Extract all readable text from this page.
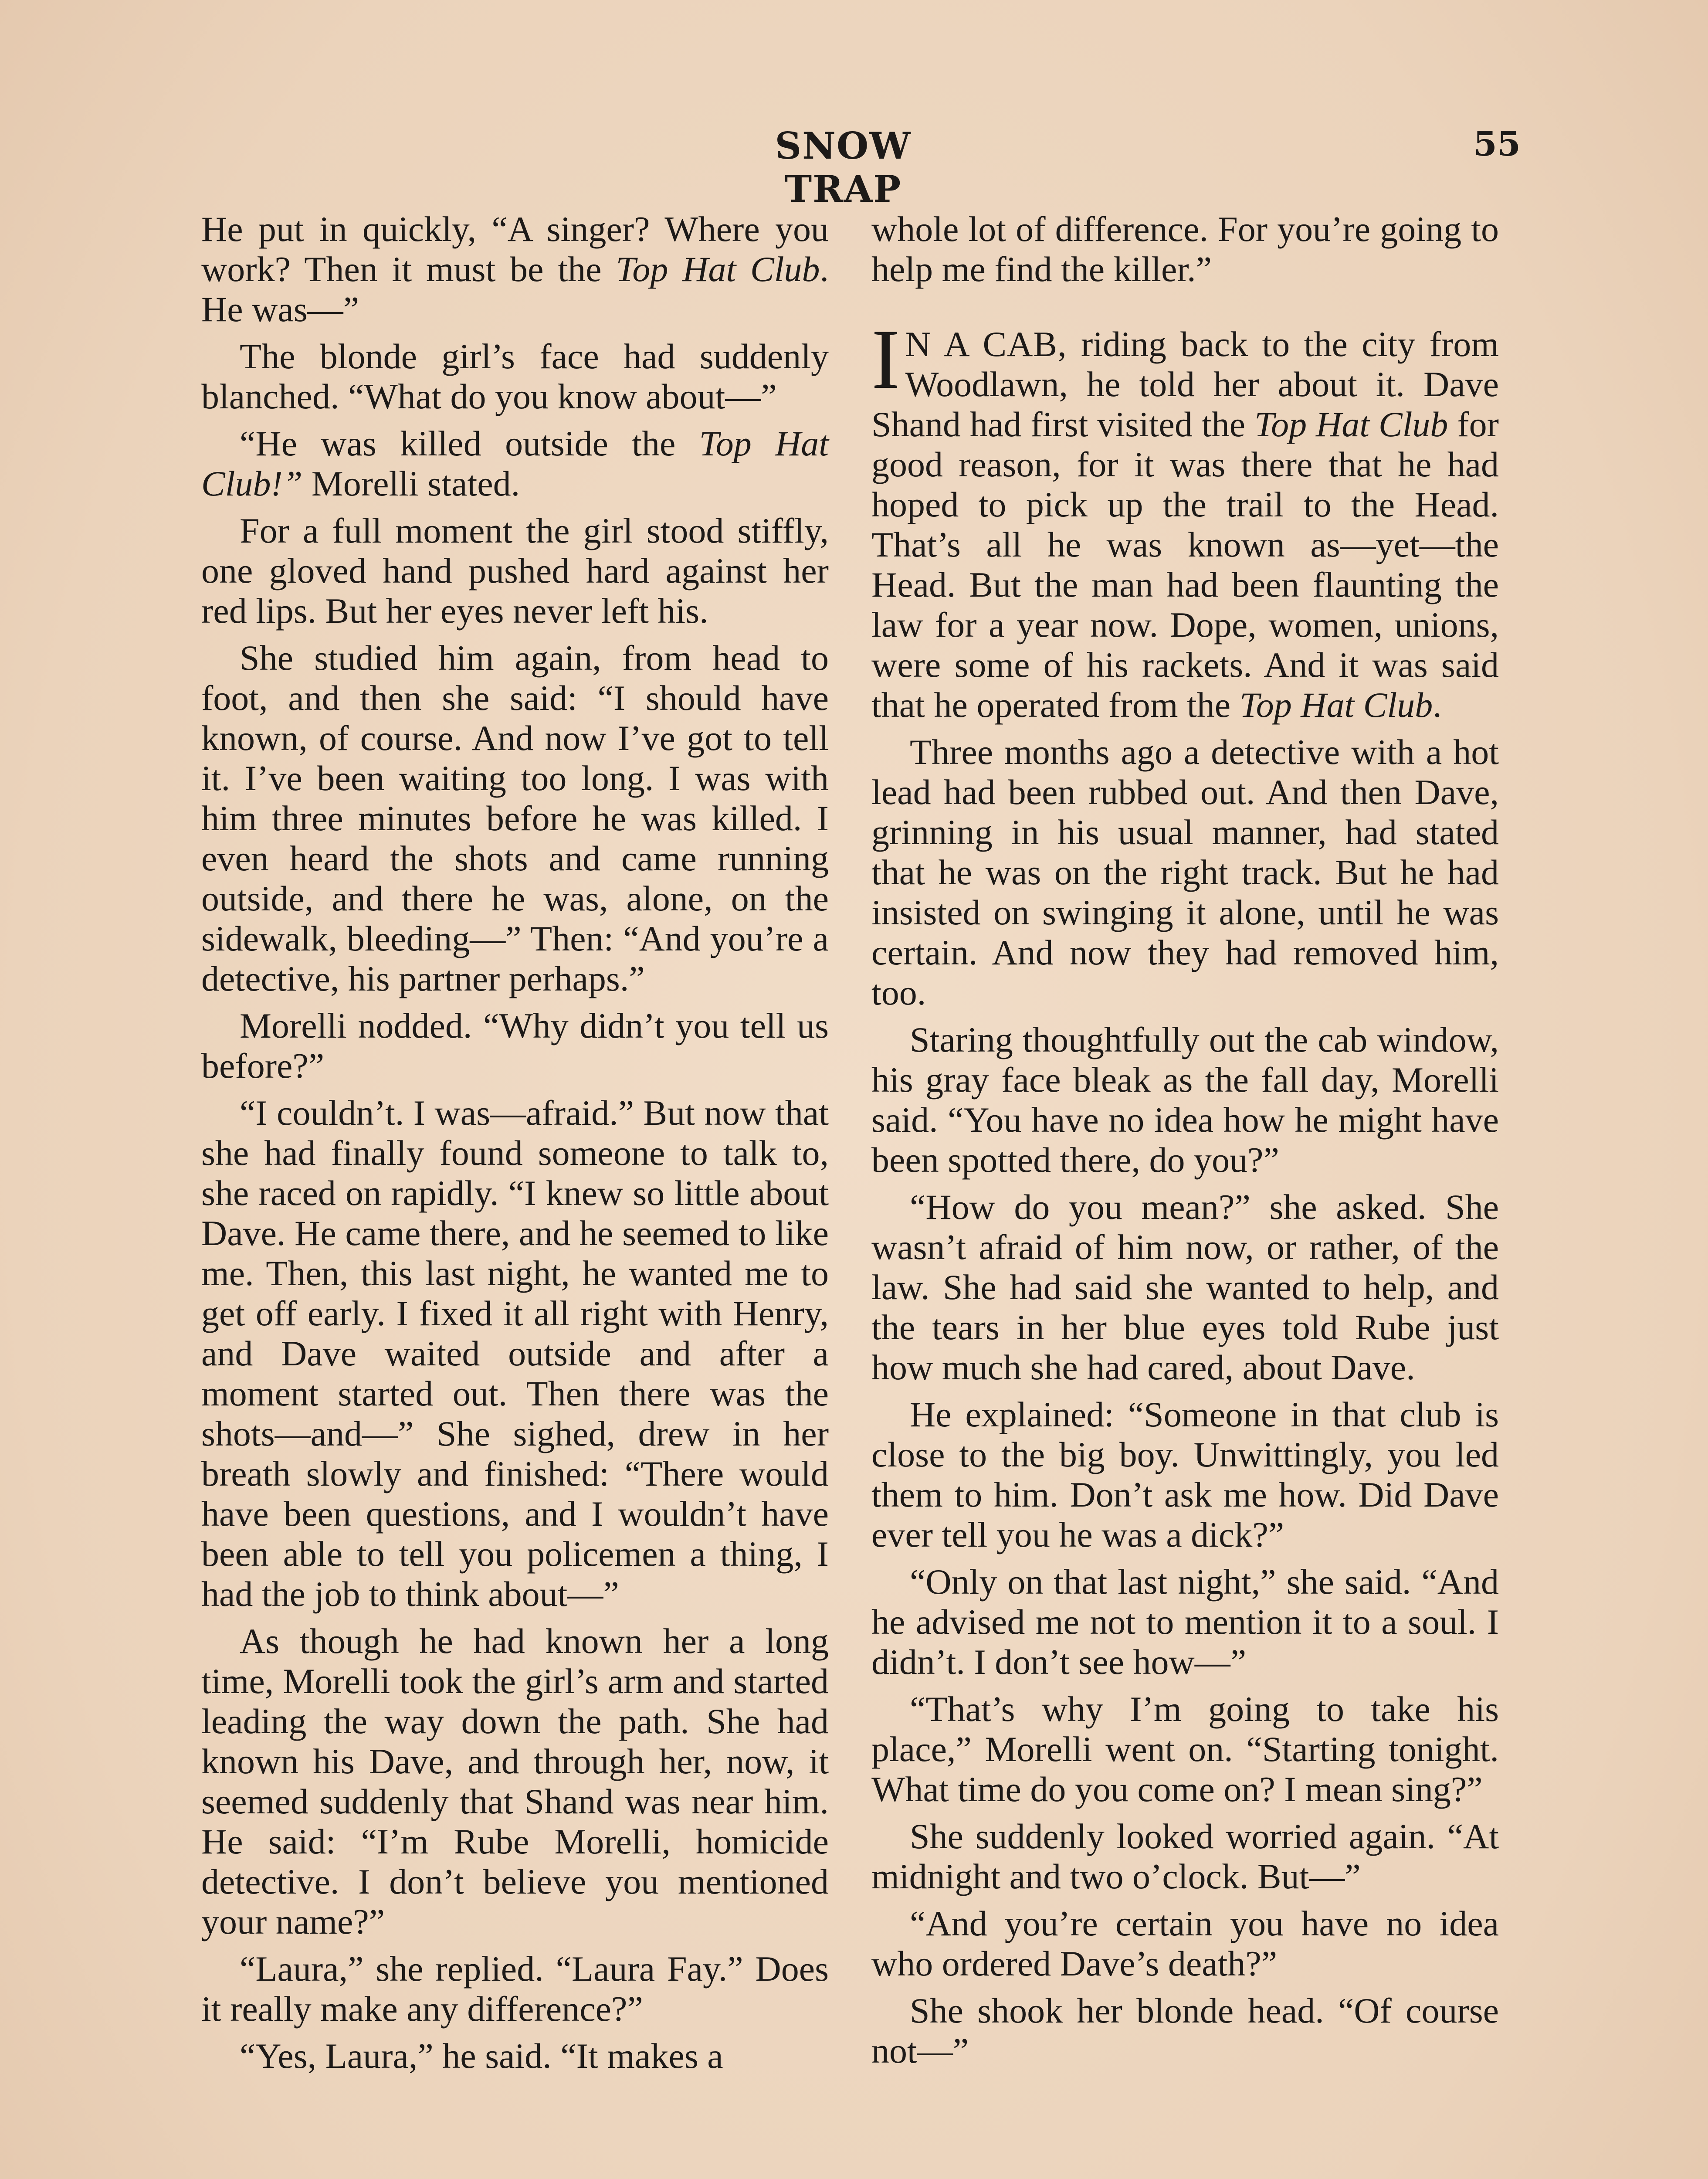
SNOW TRAP
55

He put in quickly, “A singer? Where you work? Then it must be the Top Hat Club. He was—”

The blonde girl’s face had suddenly blanched. “What do you know about—”

“He was killed outside the Top Hat Club!” Morelli stated.

For a full moment the girl stood stiffly, one gloved hand pushed hard against her red lips. But her eyes never left his.

She studied him again, from head to foot, and then she said: “I should have known, of course. And now I’ve got to tell it. I’ve been waiting too long. I was with him three minutes before he was killed. I even heard the shots and came running outside, and there he was, alone, on the sidewalk, bleeding—” Then: “And you’re a detective, his partner perhaps.”

Morelli nodded. “Why didn’t you tell us before?”

“I couldn’t. I was—afraid.” But now that she had finally found someone to talk to, she raced on rapidly. “I knew so little about Dave. He came there, and he seemed to like me. Then, this last night, he wanted me to get off early. I fixed it all right with Henry, and Dave waited outside and after a moment started out. Then there was the shots—and—” She sighed, drew in her breath slowly and finished: “There would have been questions, and I wouldn’t have been able to tell you policemen a thing, I had the job to think about—”

As though he had known her a long time, Morelli took the girl’s arm and started leading the way down the path. She had known his Dave, and through her, now, it seemed suddenly that Shand was near him. He said: “I’m Rube Morelli, homicide detective. I don’t believe you mentioned your name?”

“Laura,” she replied. “Laura Fay.” Does it really make any difference?”

“Yes, Laura,” he said. “It makes a

whole lot of difference. For you’re going to help me find the killer.”

I N A CAB, riding back to the city from Woodlawn, he told her about it. Dave Shand had first visited the Top Hat Club for good reason, for it was there that he had hoped to pick up the trail to the Head. That’s all he was known as—yet—the Head. But the man had been flaunting the law for a year now. Dope, women, unions, were some of his rackets. And it was said that he operated from the Top Hat Club.

Three months ago a detective with a hot lead had been rubbed out. And then Dave, grinning in his usual manner, had stated that he was on the right track. But he had insisted on swinging it alone, until he was certain. And now they had removed him, too.

Staring thoughtfully out the cab window, his gray face bleak as the fall day, Morelli said. “You have no idea how he might have been spotted there, do you?”

“How do you mean?” she asked. She wasn’t afraid of him now, or rather, of the law. She had said she wanted to help, and the tears in her blue eyes told Rube just how much she had cared, about Dave.

He explained: “Someone in that club is close to the big boy. Unwittingly, you led them to him. Don’t ask me how. Did Dave ever tell you he was a dick?”

“Only on that last night,” she said. “And he advised me not to mention it to a soul. I didn’t. I don’t see how—”

“That’s why I’m going to take his place,” Morelli went on. “Starting tonight. What time do you come on? I mean sing?”

She suddenly looked worried again. “At midnight and two o’clock. But—”

“And you’re certain you have no idea who ordered Dave’s death?”

She shook her blonde head. “Of course not—”
